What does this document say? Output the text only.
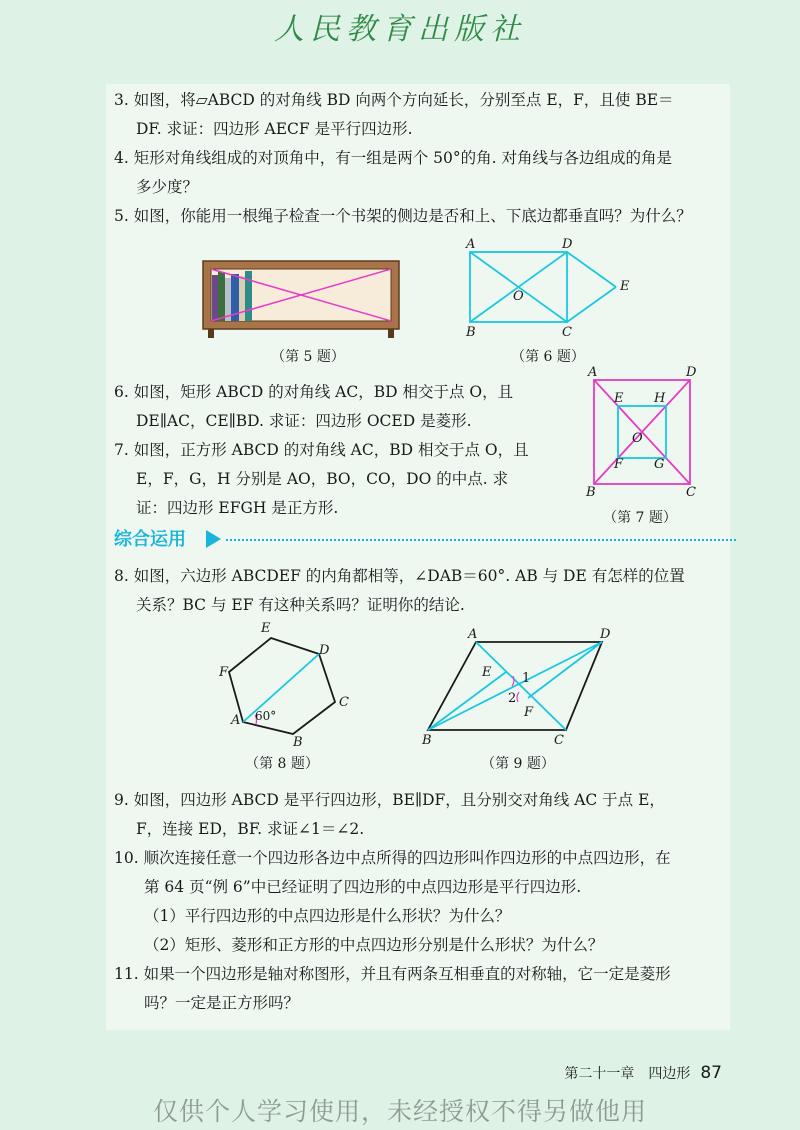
人民教育出版社
3. 如图，将▱ABCD 的对角线 BD 向两个方向延长，分别至点 E，F，且使 BE＝
DF. 求证：四边形 AECF 是平行四边形.
4. 矩形对角线组成的对顶角中，有一组是两个 50°的角. 对角线与各边组成的角是
多少度？
5. 如图，你能用一根绳子检查一个书架的侧边是否和上、下底边都垂直吗？为什么？
（第 5 题）
A	D
E
O
B	C
（第 6 题）
6. 如图，矩形 ABCD 的对角线 AC，BD 相交于点 O，且
DE∥AC，CE∥BD. 求证：四边形 OCED 是菱形.
7. 如图，正方形 ABCD 的对角线 AC，BD 相交于点 O，且
E，F，G，H 分别是 AO，BO，CO，DO 的中点. 求
证：四边形 EFGH 是正方形.
A	D
E H
O
F G
B	C
（第 7 题）
综合运用
8. 如图，六边形 ABCDEF 的内角都相等，∠DAB＝60°. AB 与 DE 有怎样的位置
关系？BC 与 EF 有这种关系吗？证明你的结论.
E
D
C
B
A
F
60°
（第 8 题）
A	D
B	C
E
F
1
2
（第 9 题）
9. 如图，四边形 ABCD 是平行四边形，BE∥DF，且分别交对角线 AC 于点 E，
F，连接 ED，BF. 求证∠1＝∠2.
10. 顺次连接任意一个四边形各边中点所得的四边形叫作四边形的中点四边形，在
第 64 页“例 6”中已经证明了四边形的中点四边形是平行四边形.
（1）平行四边形的中点四边形是什么形状？为什么？
（2）矩形、菱形和正方形的中点四边形分别是什么形状？为什么？
11. 如果一个四边形是轴对称图形，并且有两条互相垂直的对称轴，它一定是菱形
吗？一定是正方形吗？
第二十一章　四边形 87
仅供个人学习使用，未经授权不得另做他用
